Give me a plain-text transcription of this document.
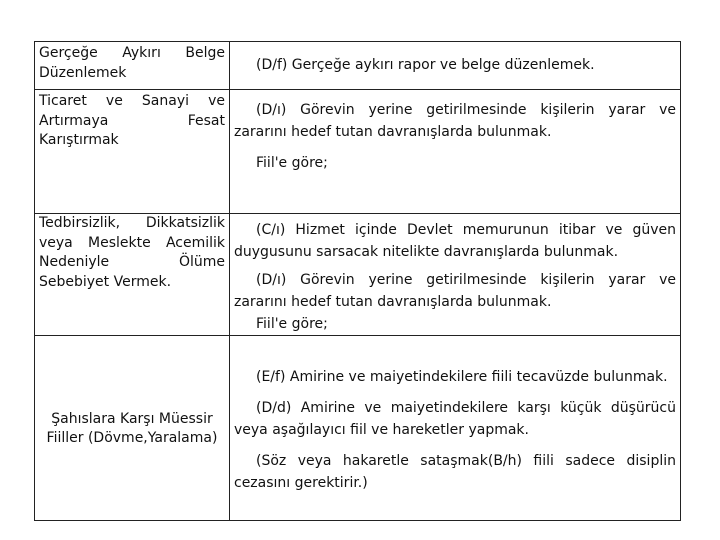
Gerçeğe Aykırı Belge Düzenlemek	(D/f) Gerçeğe aykırı rapor ve belge düzenlemek.

Ticaret ve Sanayi ve Artırmaya Fesat Karıştırmak	(D/ı) Görevin yerine getirilmesinde kişilerin yarar ve zararını hedef tutan davranışlarda bulunmak.

Fiil'e göre;

Tedbirsizlik, Dikkatsizlik veya Meslekte Acemilik Nedeniyle Ölüme Sebebiyet Vermek.	(C/ı) Hizmet içinde Devlet memurunun itibar ve güven duygusunu sarsacak nitelikte davranışlarda bulunmak.

(D/ı) Görevin yerine getirilmesinde kişilerin yarar ve zararını hedef tutan davranışlarda bulunmak.

Fiil'e göre;

Şahıslara Karşı Müessir Fiiller (Dövme,Yaralama)	(E/f) Amirine ve maiyetindekilere fiili tecavüzde bulunmak.

(D/d) Amirine ve maiyetindekilere karşı küçük düşürücü veya aşağılayıcı fiil ve hareketler yapmak.

(Söz veya hakaretle sataşmak(B/h) fiili sadece disiplin cezasını gerektirir.)
